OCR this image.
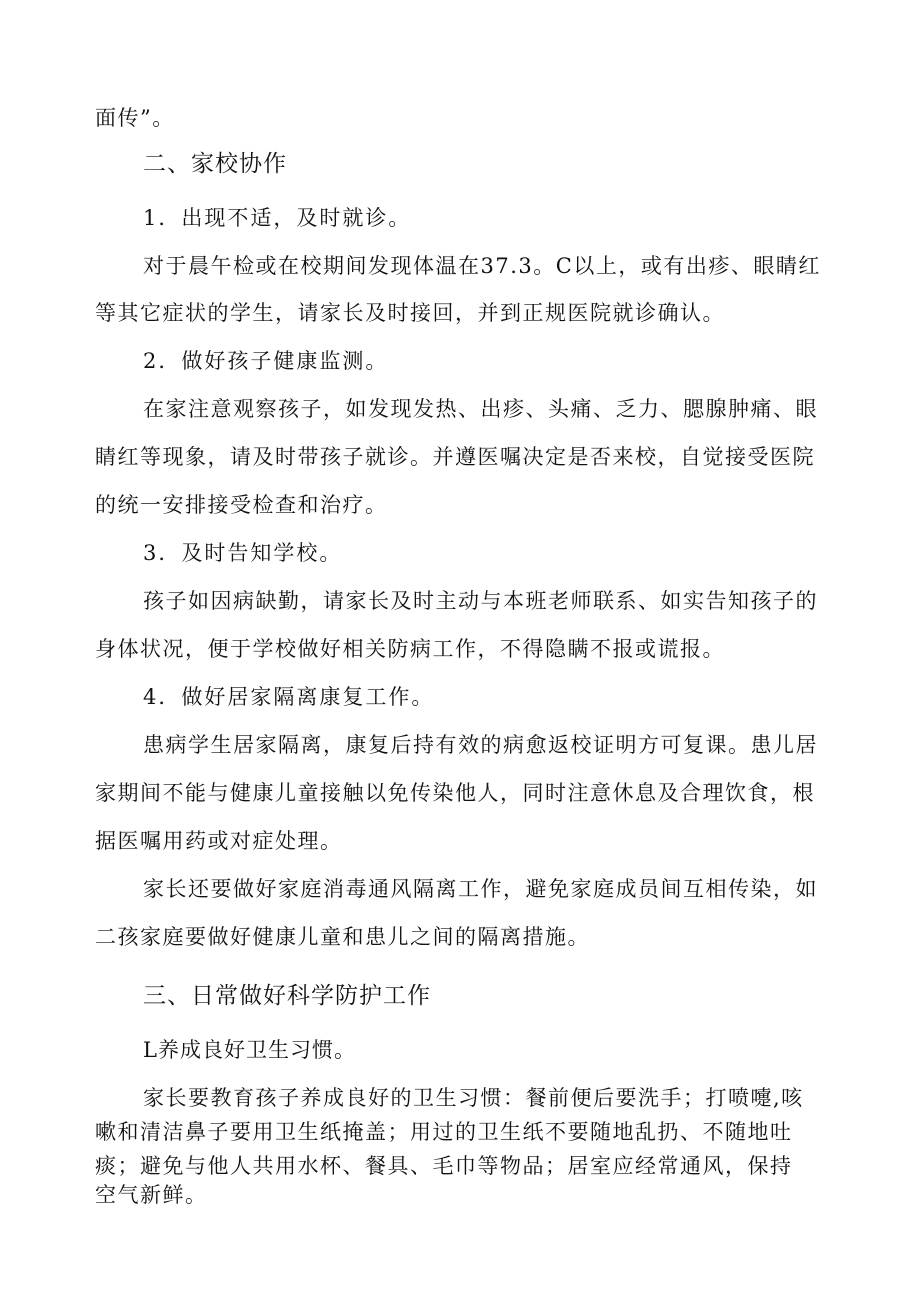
面传”。

二、家校协作

1．出现不适，及时就诊。

对于晨午检或在校期间发现体温在37.3。C以上，或有出疹、眼睛红

等其它症状的学生，请家长及时接回，并到正规医院就诊确认。

2．做好孩子健康监测。

在家注意观察孩子，如发现发热、出疹、头痛、乏力、腮腺肿痛、眼

睛红等现象，请及时带孩子就诊。并遵医嘱决定是否来校，自觉接受医院

的统一安排接受检查和治疗。

3．及时告知学校。

孩子如因病缺勤，请家长及时主动与本班老师联系、如实告知孩子的

身体状况，便于学校做好相关防病工作，不得隐瞒不报或谎报。

4．做好居家隔离康复工作。

患病学生居家隔离，康复后持有效的病愈返校证明方可复课。患儿居

家期间不能与健康儿童接触以免传染他人，同时注意休息及合理饮食，根

据医嘱用药或对症处理。

家长还要做好家庭消毒通风隔离工作，避免家庭成员间互相传染，如

二孩家庭要做好健康儿童和患儿之间的隔离措施。

三、日常做好科学防护工作

L养成良好卫生习惯。

家长要教育孩子养成良好的卫生习惯：餐前便后要洗手；打喷嚏,咳

嗽和清洁鼻子要用卫生纸掩盖；用过的卫生纸不要随地乱扔、不随地吐

痰；避免与他人共用水杯、餐具、毛巾等物品；居室应经常通风，保持

空气新鲜。
